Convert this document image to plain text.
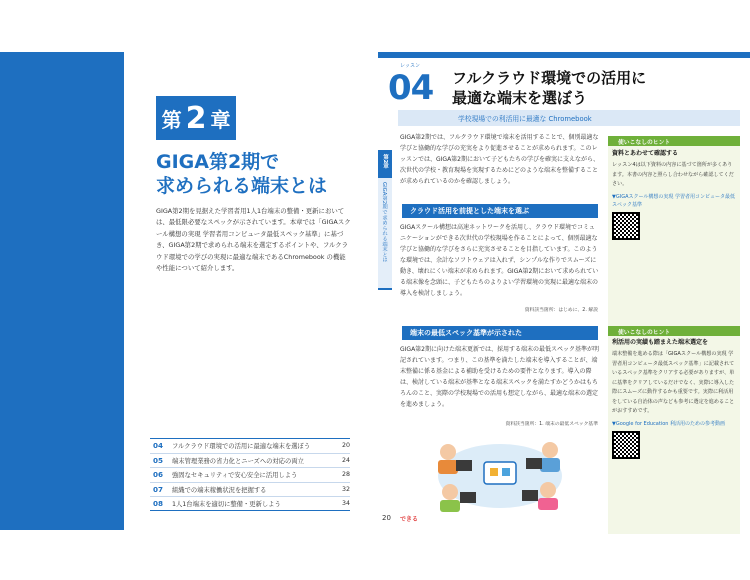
第 2 章
GIGA第2期で
求められる端末とは
GIGA第2期を見据えた学習者用1人1台端末の整備・更新においては、最低限必要なスペックが示されています。本章では「GIGAスクール構想の実現 学習者用コンピュータ最低スペック基準」に基づき、GIGA第2期で求められる端末を選定するポイントや、フルクラウド環境での学びの実現に最適な端末であるChromebook の機能や性能について紹介します。
04	フルクラウド環境での活用に最適な端末を選ぼう	20
05	端末管理業務の省力化とニーズへの対応の両立	24
06	強固なセキュリティで安心安全に活用しよう	28
07	組織での端末稼働状況を把握する	32
08	1人1台端末を適切に整備・更新しよう	34
レッスン
04 フルクラウド環境での活用に
最適な端末を選ぼう
学校現場での利活用に最適な Chromebook
第2章
GIGA第2期で求められる端末とは
GIGA第2期では、フルクラウド環境で端末を活用することで、個別最適な学びと協働的な学びの充実をより促進させることが求められます。このレッスンでは、GIGA第2期において子どもたちの学びを確実に支えながら、次世代の学校・教育現場を実現するためにどのような端末を整備することが求められているのかを確認しましょう。
クラウド活用を前提とした端末を選ぶ
GIGAスクール構想は高速ネットワークを活用し、クラウド環境でコミュニケーションができる次世代の学校現場を作ることによって、個別最適な学びと協働的な学びをさらに充実させることを目指しています。このような環境では、余計なソフトウェアは入れず、シンプルな作りでスムーズに動き、壊れにくい端末が求められます。GIGA第2期において求められている端末像を念頭に、子どもたちのよりよい学習環境の実現に最適な端末の導入を検討しましょう。
資料該当箇所：はじめに、2. 解説
端末の最低スペック基準が示された
GIGA第2期に向けた端末更新では、採用する端末の最低スペック基準が明記されています。つまり、この基準を満たした端末を導入することが、端末整備に係る基金による補助を受けるための要件となります。導入の際は、検討している端末が基準となる端末スペックを満たすかどうかはもちろんのこと、実際の学校現場での活用も想定しながら、最適な端末の選定を進めましょう。
資料該当箇所：1. 端末の最低スペック基準
使いこなしのヒント
資料とあわせて確認する
レッスン4は以下資料の内容に基づて箇所が多くあります。本書の内容と照らし合わせながら確認してください。
▼GIGAスクール構想の実現 学習者用コンピュータ最低スペック基準
使いこなしのヒント
利活用の実績も踏まえた端末選定を
端末整備を進める際は「GIGAスクール構想の実現 学習者用コンピュータ最低スペック基準」に記載されているスペック基準をクリアする必要がありますが、単に基準をクリアしているだけでなく、実際に導入した際にスムーズに動作するかも重要です。実際に利活用をしている自治体の声なども参考に選定を進めることがおすすめです。
▼Google for Education 利活用のための参考動画
20 できる
